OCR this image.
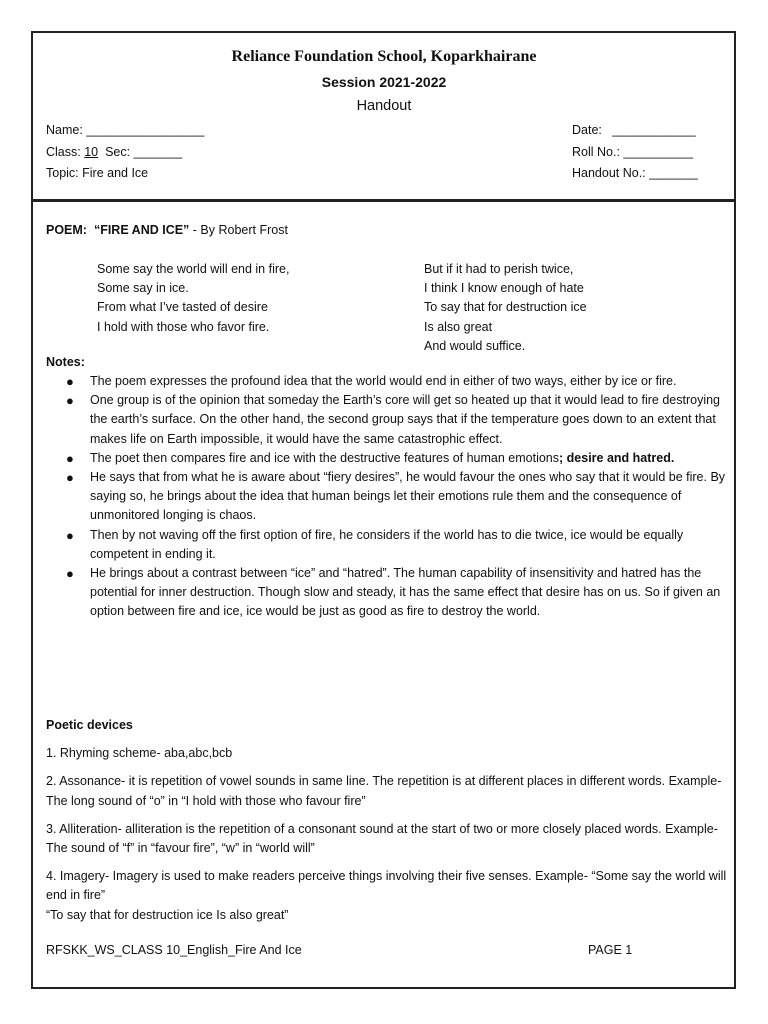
Reliance Foundation School, Koparkhairane
Session 2021-2022
Handout
Name: _________________
Class: 10 Sec: _______
Topic: Fire and Ice
Date: ____________
Roll No.: __________
Handout No.: _______
POEM: “FIRE AND ICE” - By Robert Frost
Some say the world will end in fire,
Some say in ice.
From what I’ve tasted of desire
I hold with those who favor fire.
But if it had to perish twice,
I think I know enough of hate
To say that for destruction ice
Is also great
And would suffice.
Notes:
● The poem expresses the profound idea that the world would end in either of two ways, either by ice or fire.
● One group is of the opinion that someday the Earth’s core will get so heated up that it would lead to fire destroying the earth’s surface. On the other hand, the second group says that if the temperature goes down to an extent that makes life on Earth impossible, it would have the same catastrophic effect.
● The poet then compares fire and ice with the destructive features of human emotions; desire and hatred.
● He says that from what he is aware about “fiery desires”, he would favour the ones who say that it would be fire. By saying so, he brings about the idea that human beings let their emotions rule them and the consequence of unmonitored longing is chaos.
● Then by not waving off the first option of fire, he considers if the world has to die twice, ice would be equally competent in ending it.
● He brings about a contrast between “ice” and “hatred”. The human capability of insensitivity and hatred has the potential for inner destruction. Though slow and steady, it has the same effect that desire has on us. So if given an option between fire and ice, ice would be just as good as fire to destroy the world.

Poetic devices

1. Rhyming scheme- aba,abc,bcb

2. Assonance- it is repetition of vowel sounds in same line. The repetition is at different places in different words. Example- The long sound of “o” in “I hold with those who favour fire”

3. Alliteration- alliteration is the repetition of a consonant sound at the start of two or more closely placed words. Example- The sound of “f” in “favour fire”, “w” in “world will”

4. Imagery- Imagery is used to make readers perceive things involving their five senses. Example- “Some say the world will end in fire”

“To say that for destruction ice Is also great”

RFSKK_WS_CLASS 10_English_Fire And Ice	PAGE 1
